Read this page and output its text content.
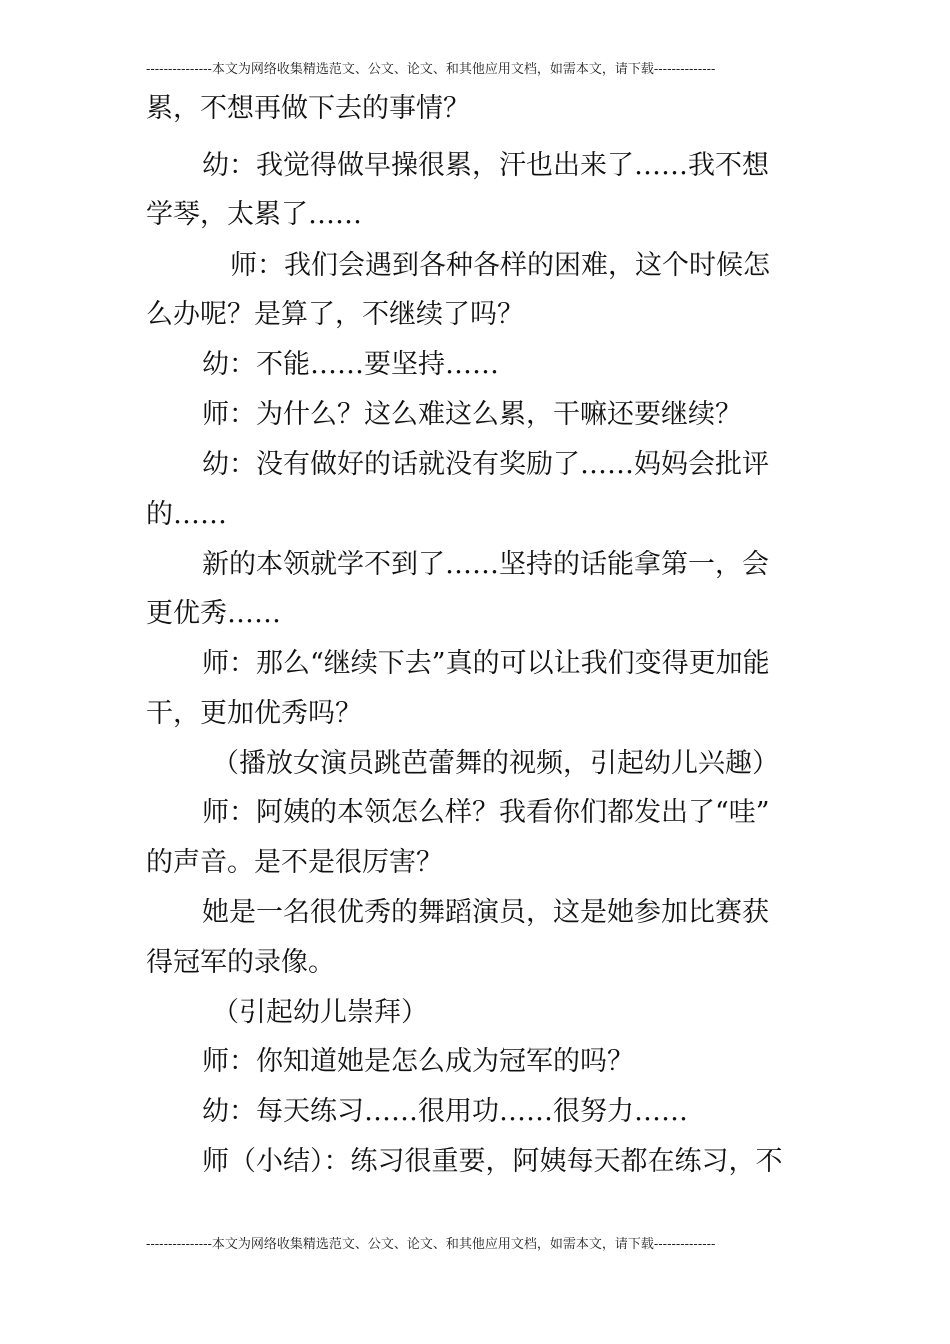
---------------本文为网络收集精选范文、公文、论文、和其他应用文档，如需本文，请下载--------------
累，不想再做下去的事情？
幼：我觉得做早操很累，汗也出来了……我不想
学琴，太累了……
师：我们会遇到各种各样的困难，这个时候怎
么办呢？是算了，不继续了吗？
幼：不能……要坚持……
师：为什么？这么难这么累，干嘛还要继续？
幼：没有做好的话就没有奖励了……妈妈会批评
的……
新的本领就学不到了……坚持的话能拿第一，会
更优秀……
师：那么“继续下去”真的可以让我们变得更加能
干，更加优秀吗？
（播放女演员跳芭蕾舞的视频，引起幼儿兴趣）
师：阿姨的本领怎么样？我看你们都发出了“哇”
的声音。是不是很厉害？
她是一名很优秀的舞蹈演员，这是她参加比赛获
得冠军的录像。
（引起幼儿崇拜）
师：你知道她是怎么成为冠军的吗？
幼：每天练习……很用功……很努力……
师（小结）：练习很重要，阿姨每天都在练习，不
---------------本文为网络收集精选范文、公文、论文、和其他应用文档，如需本文，请下载--------------
